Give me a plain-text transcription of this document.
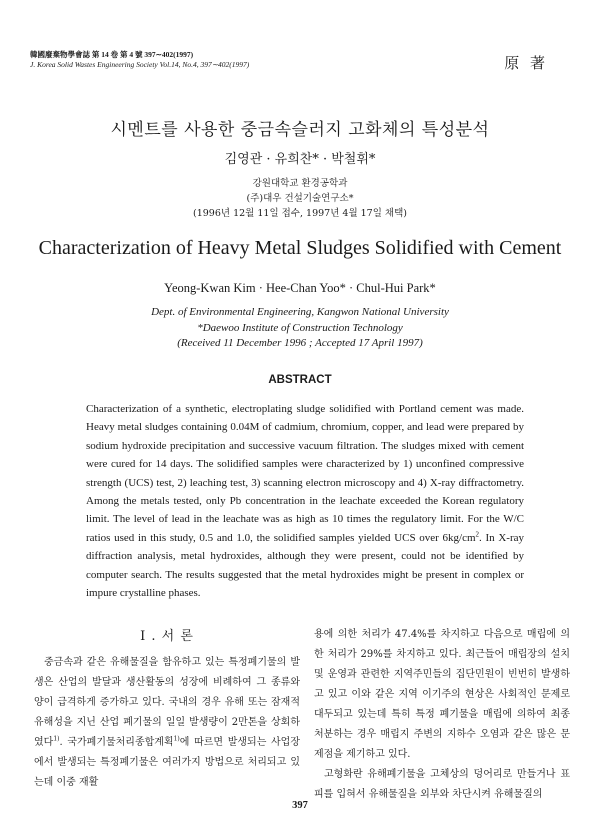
韓國廢棄物學會誌 第 14 卷 第 4 號 397∼402(1997)
J. Korea Solid Wastes Engineering Society Vol.14, No.4, 397∼402(1997)	原 著
시멘트를 사용한 중금속슬러지 고화체의 특성분석
김영관 · 유희찬* · 박철휘*
강원대학교 환경공학과
(주)대우 건설기술연구소*
(1996년 12월 11일 접수, 1997년 4월 17일 채택)
Characterization of Heavy Metal Sludges Solidified with Cement
Yeong-Kwan Kim · Hee-Chan Yoo* · Chul-Hui Park*
Dept. of Environmental Engineering, Kangwon National University
*Daewoo Institute of Construction Technology
(Received 11 December 1996 ; Accepted 17 April 1997)
ABSTRACT
Characterization of a synthetic, electroplating sludge solidified with Portland cement was made. Heavy metal sludges containing 0.04M of cadmium, chromium, copper, and lead were prepared by sodium hydroxide precipitation and successive vacuum filtration. The sludges mixed with cement were cured for 14 days. The solidified samples were characterized by 1) unconfined compressive strength (UCS) test, 2) leaching test, 3) scanning electron microscopy and 4) X-ray diffractometry. Among the metals tested, only Pb concentration in the leachate exceeded the Korean regulatory limit. The level of lead in the leachate was as high as 10 times the regulatory limit. For the W/C ratios used in this study, 0.5 and 1.0, the solidified samples yielded UCS over $6kg/cm^2$. In X-ray diffraction analysis, metal hydroxides, although they were present, could not be identified by computer search. The results suggested that the metal hydroxides might be present in complex or impure crystalline phases.
I . 서 론

중금속과 같은 유해물질을 함유하고 있는 특정폐기물의 발생은 산업의 발달과 생산활동의 성장에 비례하여 그 종류와 양이 급격하게 증가하고 있다. 국내의 경우 유해 또는 잠재적 유해성을 지닌 산업 폐기물의 일일 발생량이 2만톤을 상회하였다$^{1)}$. 국가폐기물처리종합계획$^{1)}$에 따르면 발생되는 사업장에서 발생되는 특정폐기물은 여러가지 방법으로 처리되고 있는데 이중 재활

용에 의한 처리가 47.4%를 차지하고 다음으로 매립에 의한 처리가 29%를 차지하고 있다. 최근들어 매립장의 설치 및 운영과 관련한 지역주민들의 집단민원이 빈번히 발생하고 있고 이와 같은 지역 이기주의 현상은 사회적인 문제로 대두되고 있는데 특히 특정 폐기물을 매립에 의하여 최종 처분하는 경우 매립지 주변의 지하수 오염과 같은 많은 문제점을 제기하고 있다.

고형화란 유해폐기물을 고체상의 덩어리로 만들거나 표피를 입혀서 유해물질을 외부와 차단시켜 유해물질의

397
